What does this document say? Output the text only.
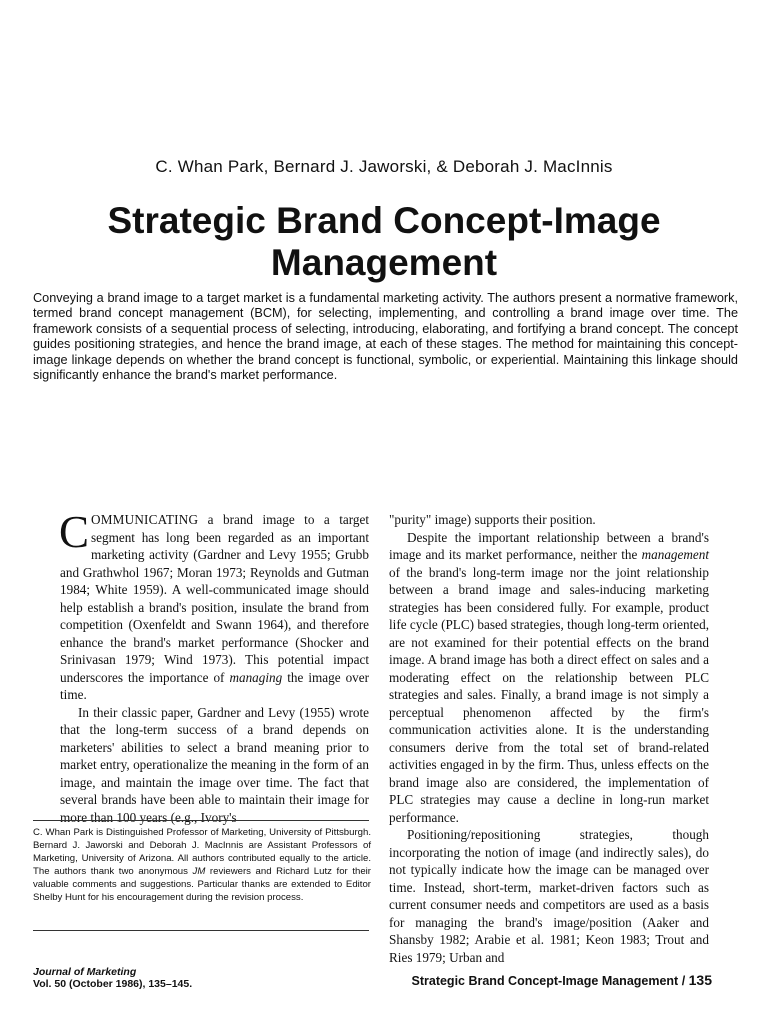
C. Whan Park, Bernard J. Jaworski, & Deborah J. MacInnis
Strategic Brand Concept-Image
Management

Conveying a brand image to a target market is a fundamental marketing activity. The authors present a normative framework, termed brand concept management (BCM), for selecting, implementing, and controlling a brand image over time. The framework consists of a sequential process of selecting, introducing, elaborating, and fortifying a brand concept. The concept guides positioning strategies, and hence the brand image, at each of these stages. The method for maintaining this concept-image linkage depends on whether the brand concept is functional, symbolic, or experiential. Maintaining this linkage should significantly enhance the brand's market performance.

COMMUNICATING a brand image to a target segment has long been regarded as an important marketing activity (Gardner and Levy 1955; Grubb and Grathwhol 1967; Moran 1973; Reynolds and Gutman 1984; White 1959). A well-communicated image should help establish a brand's position, insulate the brand from competition (Oxenfeldt and Swann 1964), and therefore enhance the brand's market performance (Shocker and Srinivasan 1979; Wind 1973). This potential impact underscores the importance of managing the image over time.

In their classic paper, Gardner and Levy (1955) wrote that the long-term success of a brand depends on marketers' abilities to select a brand meaning prior to market entry, operationalize the meaning in the form of an image, and maintain the image over time. The fact that several brands have been able to maintain their image for more than 100 years (e.g., Ivory's

"purity" image) supports their position.

Despite the important relationship between a brand's image and its market performance, neither the management of the brand's long-term image nor the joint relationship between a brand image and sales-inducing marketing strategies has been considered fully. For example, product life cycle (PLC) based strategies, though long-term oriented, are not examined for their potential effects on the brand image. A brand image has both a direct effect on sales and a moderating effect on the relationship between PLC strategies and sales. Finally, a brand image is not simply a perceptual phenomenon affected by the firm's communication activities alone. It is the understanding consumers derive from the total set of brand-related activities engaged in by the firm. Thus, unless effects on the brand image also are considered, the implementation of PLC strategies may cause a decline in long-run market performance.

Positioning/repositioning strategies, though incorporating the notion of image (and indirectly sales), do not typically indicate how the image can be managed over time. Instead, short-term, market-driven factors such as current consumer needs and competitors are used as a basis for managing the brand's image/position (Aaker and Shansby 1982; Arabie et al. 1981; Keon 1983; Trout and Ries 1979; Urban and

C. Whan Park is Distinguished Professor of Marketing, University of Pittsburgh. Bernard J. Jaworski and Deborah J. MacInnis are Assistant Professors of Marketing, University of Arizona. All authors contributed equally to the article. The authors thank two anonymous JM reviewers and Richard Lutz for their valuable comments and suggestions. Particular thanks are extended to Editor Shelby Hunt for his encouragement during the revision process.

Journal of Marketing
Vol. 50 (October 1986), 135–145.	Strategic Brand Concept-Image Management / 135
